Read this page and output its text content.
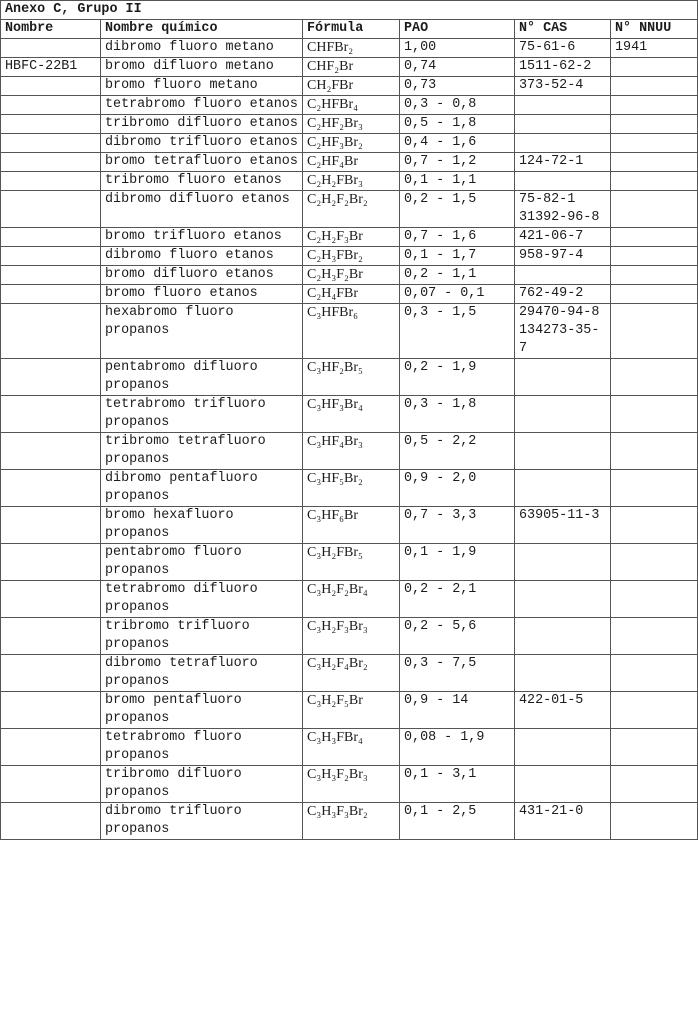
Anexo C, Grupo II					
Nombre	Nombre químico	Fórmula	PAO	N° CAS	N° NNUU
	dibromo fluoro metano	CHFBr₂	1,00	75-61-6	1941
HBFC-22B1	bromo difluoro metano	CHF₂Br	0,74	1511-62-2	
	bromo fluoro metano	CH₂FBr	0,73	373-52-4	
	tetrabromo fluoro etanos	C₂HFBr₄	0,3 - 0,8		
	tribromo difluoro etanos	C₂HF₂Br₃	0,5 - 1,8		
	dibromo trifluoro etanos	C₂HF₃Br₂	0,4 - 1,6		
	bromo tetrafluoro etanos	C₂HF₄Br	0,7 - 1,2	124-72-1	
	tribromo fluoro etanos	C₂H₂FBr₃	0,1 - 1,1		
	dibromo difluoro etanos	C₂H₂F₂Br₂	0,2 - 1,5	75-82-1
31392-96-8	
	bromo trifluoro etanos	C₂H₂F₃Br	0,7 - 1,6	421-06-7	
	dibromo fluoro etanos	C₂H₃FBr₂	0,1 - 1,7	958-97-4	
	bromo difluoro etanos	C₂H₃F₂Br	0,2 - 1,1		
	bromo fluoro etanos	C₂H₄FBr	0,07 - 0,1	762-49-2	
	hexabromo fluoro propanos	C₃HFBr₆	0,3 - 1,5	29470-94-8
134273-35-7	
	pentabromo difluoro propanos	C₃HF₂Br₅	0,2 - 1,9		
	tetrabromo trifluoro propanos	C₃HF₃Br₄	0,3 - 1,8		
	tribromo tetrafluoro propanos	C₃HF₄Br₃	0,5 - 2,2		
	dibromo pentafluoro propanos	C₃HF₅Br₂	0,9 - 2,0		
	bromo hexafluoro propanos	C₃HF₆Br	0,7 - 3,3	63905-11-3	
	pentabromo fluoro propanos	C₃H₂FBr₅	0,1 - 1,9		
	tetrabromo difluoro propanos	C₃H₂F₂Br₄	0,2 - 2,1		
	tribromo trifluoro propanos	C₃H₂F₃Br₃	0,2 - 5,6		
	dibromo tetrafluoro propanos	C₃H₂F₄Br₂	0,3 - 7,5		
	bromo pentafluoro propanos	C₃H₂F₅Br	0,9 - 14	422-01-5	
	tetrabromo fluoro propanos	C₃H₃FBr₄	0,08 - 1,9		
	tribromo difluoro propanos	C₃H₃F₂Br₃	0,1 - 3,1		
	dibromo trifluoro propanos	C₃H₃F₃Br₂	0,1 - 2,5	431-21-0	
